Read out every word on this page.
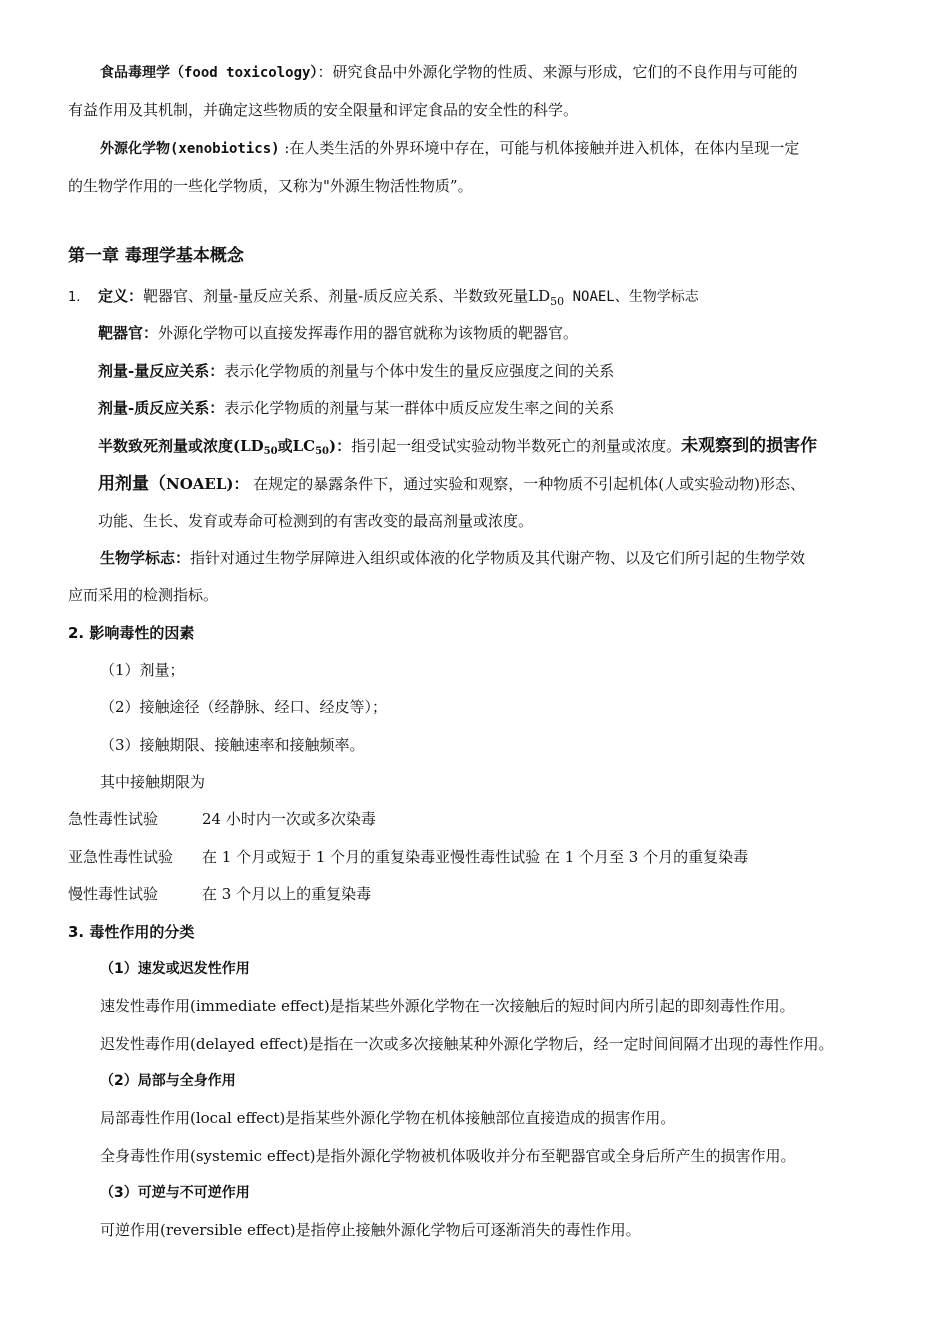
食品毒理学（food toxicology）：研究食品中外源化学物的性质、来源与形成，它们的不良作用与可能的
有益作用及其机制，并确定这些物质的安全限量和评定食品的安全性的科学。
外源化学物(xenobiotics) :在人类生活的外界环境中存在，可能与机体接触并进入机体，在体内呈现一定
的生物学作用的一些化学物质，又称为"外源生物活性物质”。
第一章 毒理学基本概念
1. 定义：靶器官、剂量-量反应关系、剂量-质反应关系、半数致死量$LD_{50}$ NOAEL、生物学标志
靶器官：外源化学物可以直接发挥毒作用的器官就称为该物质的靶器官。
剂量-量反应关系：表示化学物质的剂量与个体中发生的量反应强度之间的关系
剂量-质反应关系：表示化学物质的剂量与某一群体中质反应发生率之间的关系
半数致死剂量或浓度($LD_{50}$或$LC_{50}$)：指引起一组受试实验动物半数死亡的剂量或浓度。未观察到的损害作
用剂量（NOAEL)： 在规定的暴露条件下，通过实验和观察，一种物质不引起机体(人或实验动物)形态、
功能、生长、发育或寿命可检测到的有害改变的最高剂量或浓度。
生物学标志：指针对通过生物学屏障进入组织或体液的化学物质及其代谢产物、以及它们所引起的生物学效
应而采用的检测指标。
2. 影响毒性的因素
（1）剂量；
（2）接触途径（经静脉、经口、经皮等）；
（3）接触期限、接触速率和接触频率。
其中接触期限为
急性毒性试验	24 小时内一次或多次染毒
亚急性毒性试验 在 1 个月或短于 1 个月的重复染毒亚慢性毒性试验 在 1 个月至 3 个月的重复染毒
慢性毒性试验	在 3 个月以上的重复染毒
3. 毒性作用的分类
（1）速发或迟发性作用
速发性毒作用(immediate effect)是指某些外源化学物在一次接触后的短时间内所引起的即刻毒性作用。
迟发性毒作用(delayed effect)是指在一次或多次接触某种外源化学物后，经一定时间间隔才出现的毒性作用。
（2）局部与全身作用
局部毒性作用(local effect)是指某些外源化学物在机体接触部位直接造成的损害作用。
全身毒性作用(systemic effect)是指外源化学物被机体吸收并分布至靶器官或全身后所产生的损害作用。
（3）可逆与不可逆作用
可逆作用(reversible effect)是指停止接触外源化学物后可逐渐消失的毒性作用。
